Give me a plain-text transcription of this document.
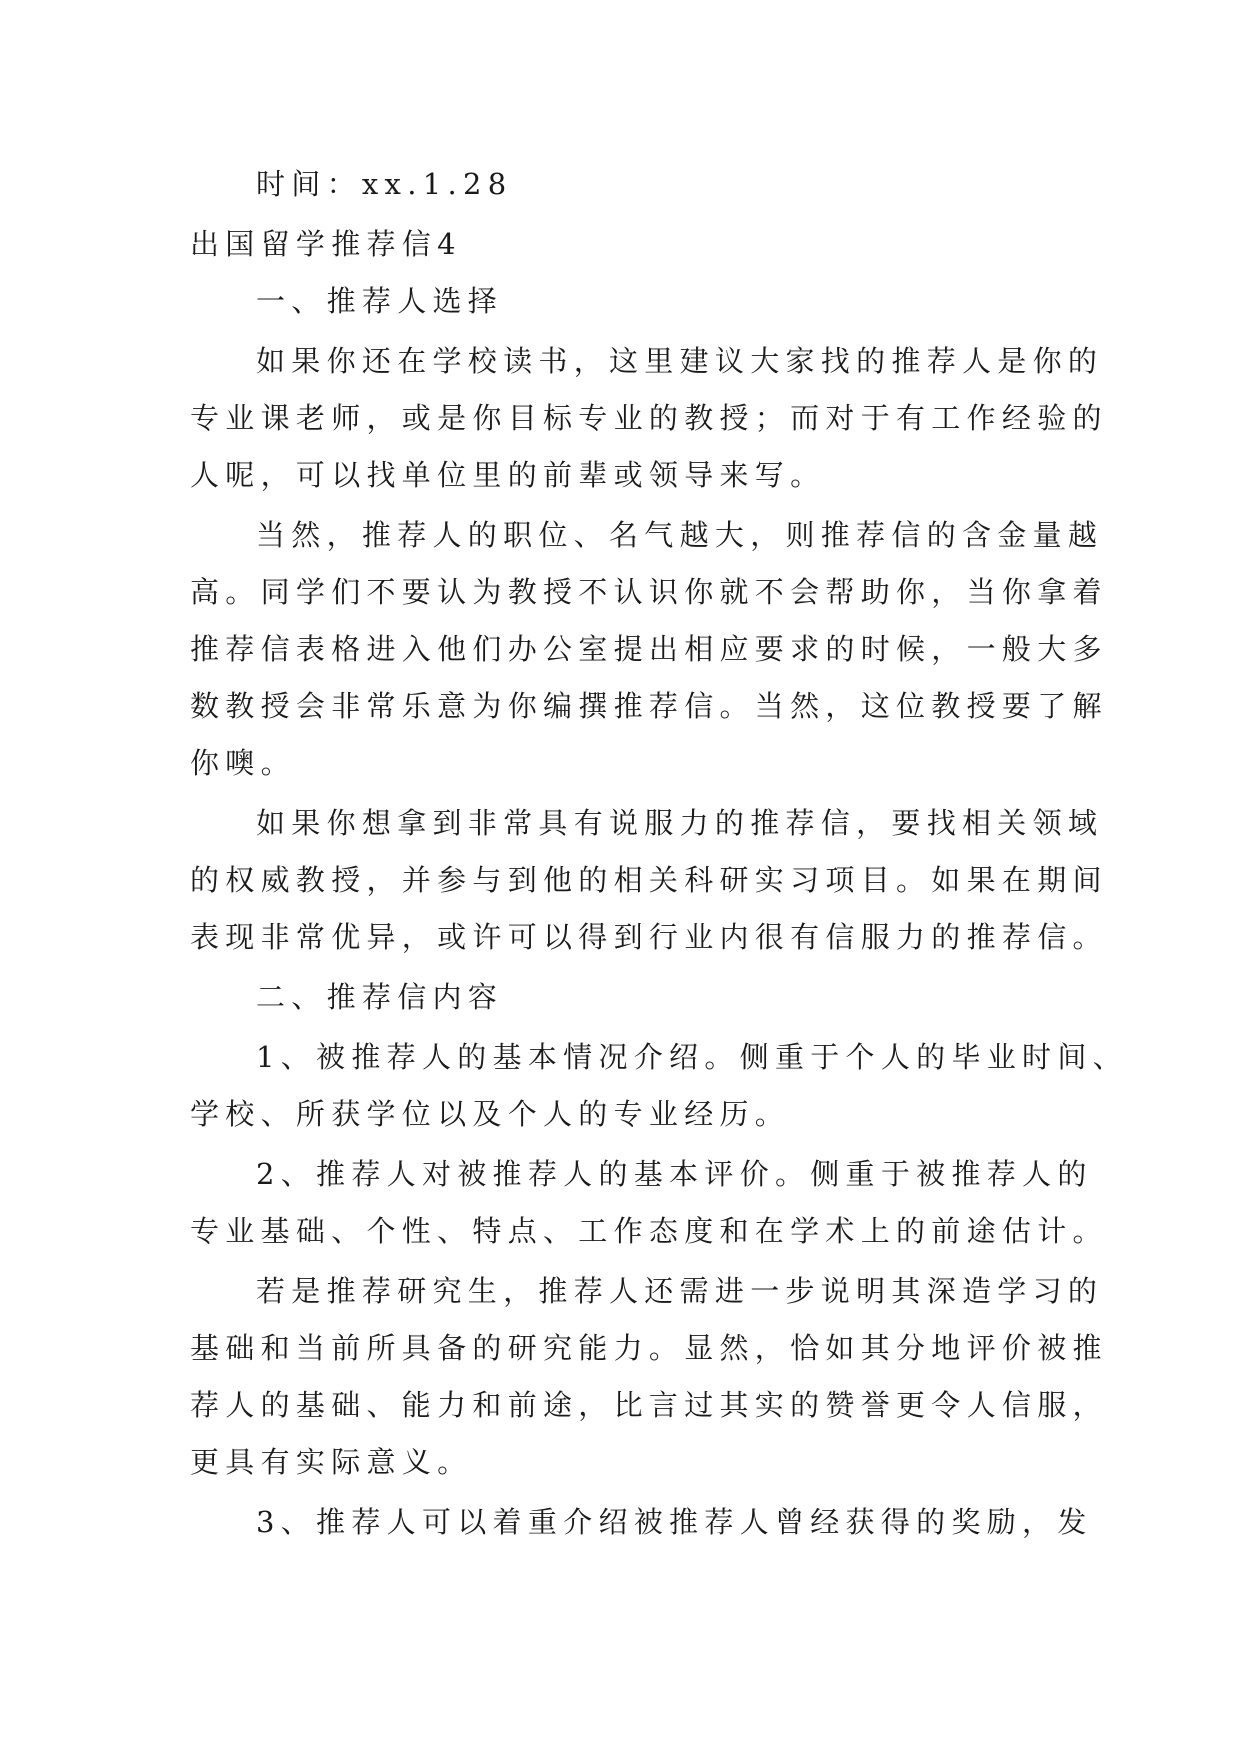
时间：xx.1.28
出国留学推荐信4
一、推荐人选择
如果你还在学校读书，这里建议大家找的推荐人是你的
专业课老师，或是你目标专业的教授；而对于有工作经验的
人呢，可以找单位里的前辈或领导来写。
当然，推荐人的职位、名气越大，则推荐信的含金量越
高。同学们不要认为教授不认识你就不会帮助你，当你拿着
推荐信表格进入他们办公室提出相应要求的时候，一般大多
数教授会非常乐意为你编撰推荐信。当然，这位教授要了解
你噢。
如果你想拿到非常具有说服力的推荐信，要找相关领域
的权威教授，并参与到他的相关科研实习项目。如果在期间
表现非常优异，或许可以得到行业内很有信服力的推荐信。
二、推荐信内容
1、被推荐人的基本情况介绍。侧重于个人的毕业时间、
学校、所获学位以及个人的专业经历。
2、推荐人对被推荐人的基本评价。侧重于被推荐人的
专业基础、个性、特点、工作态度和在学术上的前途估计。
若是推荐研究生，推荐人还需进一步说明其深造学习的
基础和当前所具备的研究能力。显然，恰如其分地评价被推
荐人的基础、能力和前途，比言过其实的赞誉更令人信服，
更具有实际意义。
3、推荐人可以着重介绍被推荐人曾经获得的奖励，发
